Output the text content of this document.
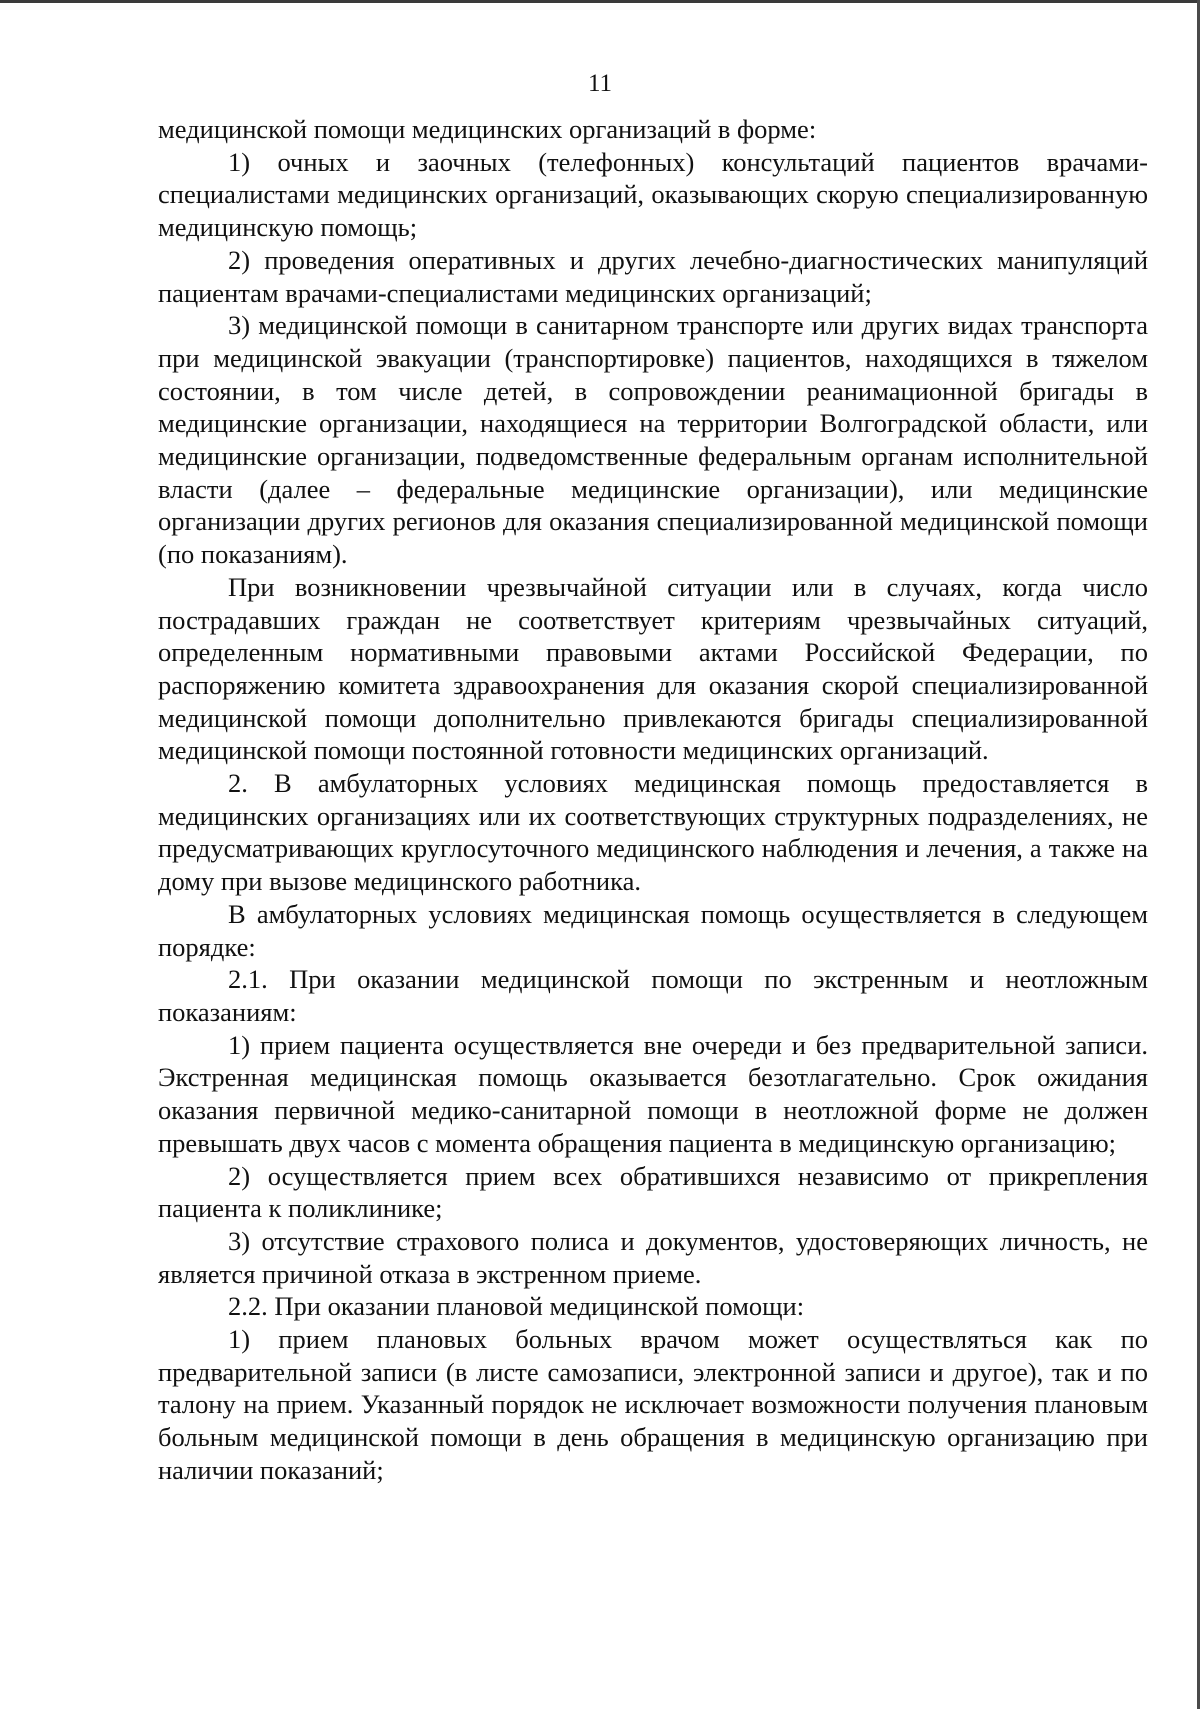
11

медицинской помощи медицинских организаций в форме:

1) очных и заочных (телефонных) консультаций пациентов врачами-специалистами медицинских организаций, оказывающих скорую специализированную медицинскую помощь;

2) проведения оперативных и других лечебно-диагностических манипуляций пациентам врачами-специалистами медицинских организаций;

3) медицинской помощи в санитарном транспорте или других видах транспорта при медицинской эвакуации (транспортировке) пациентов, находящихся в тяжелом состоянии, в том числе детей, в сопровождении реанимационной бригады в медицинские организации, находящиеся на территории Волгоградской области, или медицинские организации, подведомственные федеральным органам исполнительной власти (далее – федеральные медицинские организации), или медицинские организации других регионов для оказания специализированной медицинской помощи (по показаниям).

При возникновении чрезвычайной ситуации или в случаях, когда число пострадавших граждан не соответствует критериям чрезвычайных ситуаций, определенным нормативными правовыми актами Российской Федерации, по распоряжению комитета здравоохранения для оказания скорой специализированной медицинской помощи дополнительно привлекаются бригады специализированной медицинской помощи постоянной готовности медицинских организаций.

2. В амбулаторных условиях медицинская помощь предоставляется в медицинских организациях или их соответствующих структурных подразделениях, не предусматривающих круглосуточного медицинского наблюдения и лечения, а также на дому при вызове медицинского работника.

В амбулаторных условиях медицинская помощь осуществляется в следующем порядке:

2.1. При оказании медицинской помощи по экстренным и неотложным показаниям:

1) прием пациента осуществляется вне очереди и без предварительной записи. Экстренная медицинская помощь оказывается безотлагательно. Срок ожидания оказания первичной медико-санитарной помощи в неотложной форме не должен превышать двух часов с момента обращения пациента в медицинскую организацию;

2) осуществляется прием всех обратившихся независимо от прикрепления пациента к поликлинике;

3) отсутствие страхового полиса и документов, удостоверяющих личность, не является причиной отказа в экстренном приеме.

2.2. При оказании плановой медицинской помощи:

1) прием плановых больных врачом может осуществляться как по предварительной записи (в листе самозаписи, электронной записи и другое), так и по талону на прием. Указанный порядок не исключает возможности получения плановым больным медицинской помощи в день обращения в медицинскую организацию при наличии показаний;
